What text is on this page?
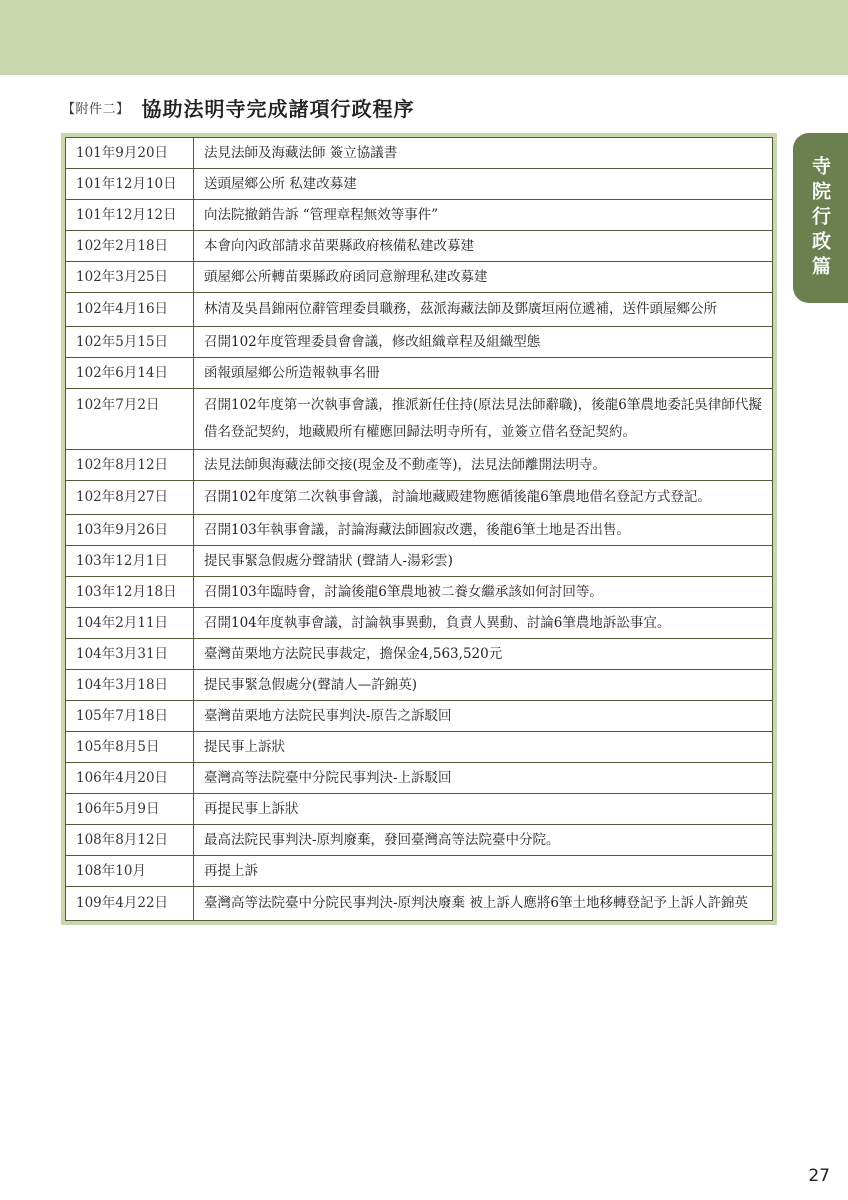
【附件二】 協助法明寺完成諸項行政程序
寺院行政篇
101年9月20日	法見法師及海藏法師 簽立協議書
101年12月10日	送頭屋鄉公所 私建改募建
101年12月12日	向法院撤銷告訴 “管理章程無效等事件”
102年2月18日	本會向內政部請求苗栗縣政府核備私建改募建
102年3月25日	頭屋鄉公所轉苗栗縣政府函同意辦理私建改募建
102年4月16日	林清及吳昌錦兩位辭管理委員職務，茲派海藏法師及鄧廣垣兩位遞補，送件頭屋鄉公所
102年5月15日	召開102年度管理委員會會議，修改組織章程及組織型態
102年6月14日	函報頭屋鄉公所造報執事名冊
102年7月2日	召開102年度第一次執事會議，推派新任住持(原法見法師辭職)，後龍6筆農地委託吳律師代擬借名登記契約，地藏殿所有權應回歸法明寺所有，並簽立借名登記契約。
102年8月12日	法見法師與海藏法師交接(現金及不動產等)，法見法師離開法明寺。
102年8月27日	召開102年度第二次執事會議，討論地藏殿建物應循後龍6筆農地借名登記方式登記。
103年9月26日	召開103年執事會議，討論海藏法師圓寂改選，後龍6筆土地是否出售。
103年12月1日	提民事緊急假處分聲請狀 (聲請人-湯彩雲)
103年12月18日	召開103年臨時會，討論後龍6筆農地被二養女繼承該如何討回等。
104年2月11日	召開104年度執事會議，討論執事異動，負責人異動、討論6筆農地訴訟事宜。
104年3月31日	臺灣苗栗地方法院民事裁定，擔保金4,563,520元
104年3月18日	提民事緊急假處分(聲請人—許錦英)
105年7月18日	臺灣苗栗地方法院民事判決-原告之訴駁回
105年8月5日	提民事上訴狀
106年4月20日	臺灣高等法院臺中分院民事判決-上訴駁回
106年5月9日	再提民事上訴狀
108年8月12日	最高法院民事判決-原判廢棄，發回臺灣高等法院臺中分院。
108年10月	再提上訴
109年4月22日	臺灣高等法院臺中分院民事判決-原判決廢棄 被上訴人應將6筆土地移轉登記予上訴人許錦英
27
